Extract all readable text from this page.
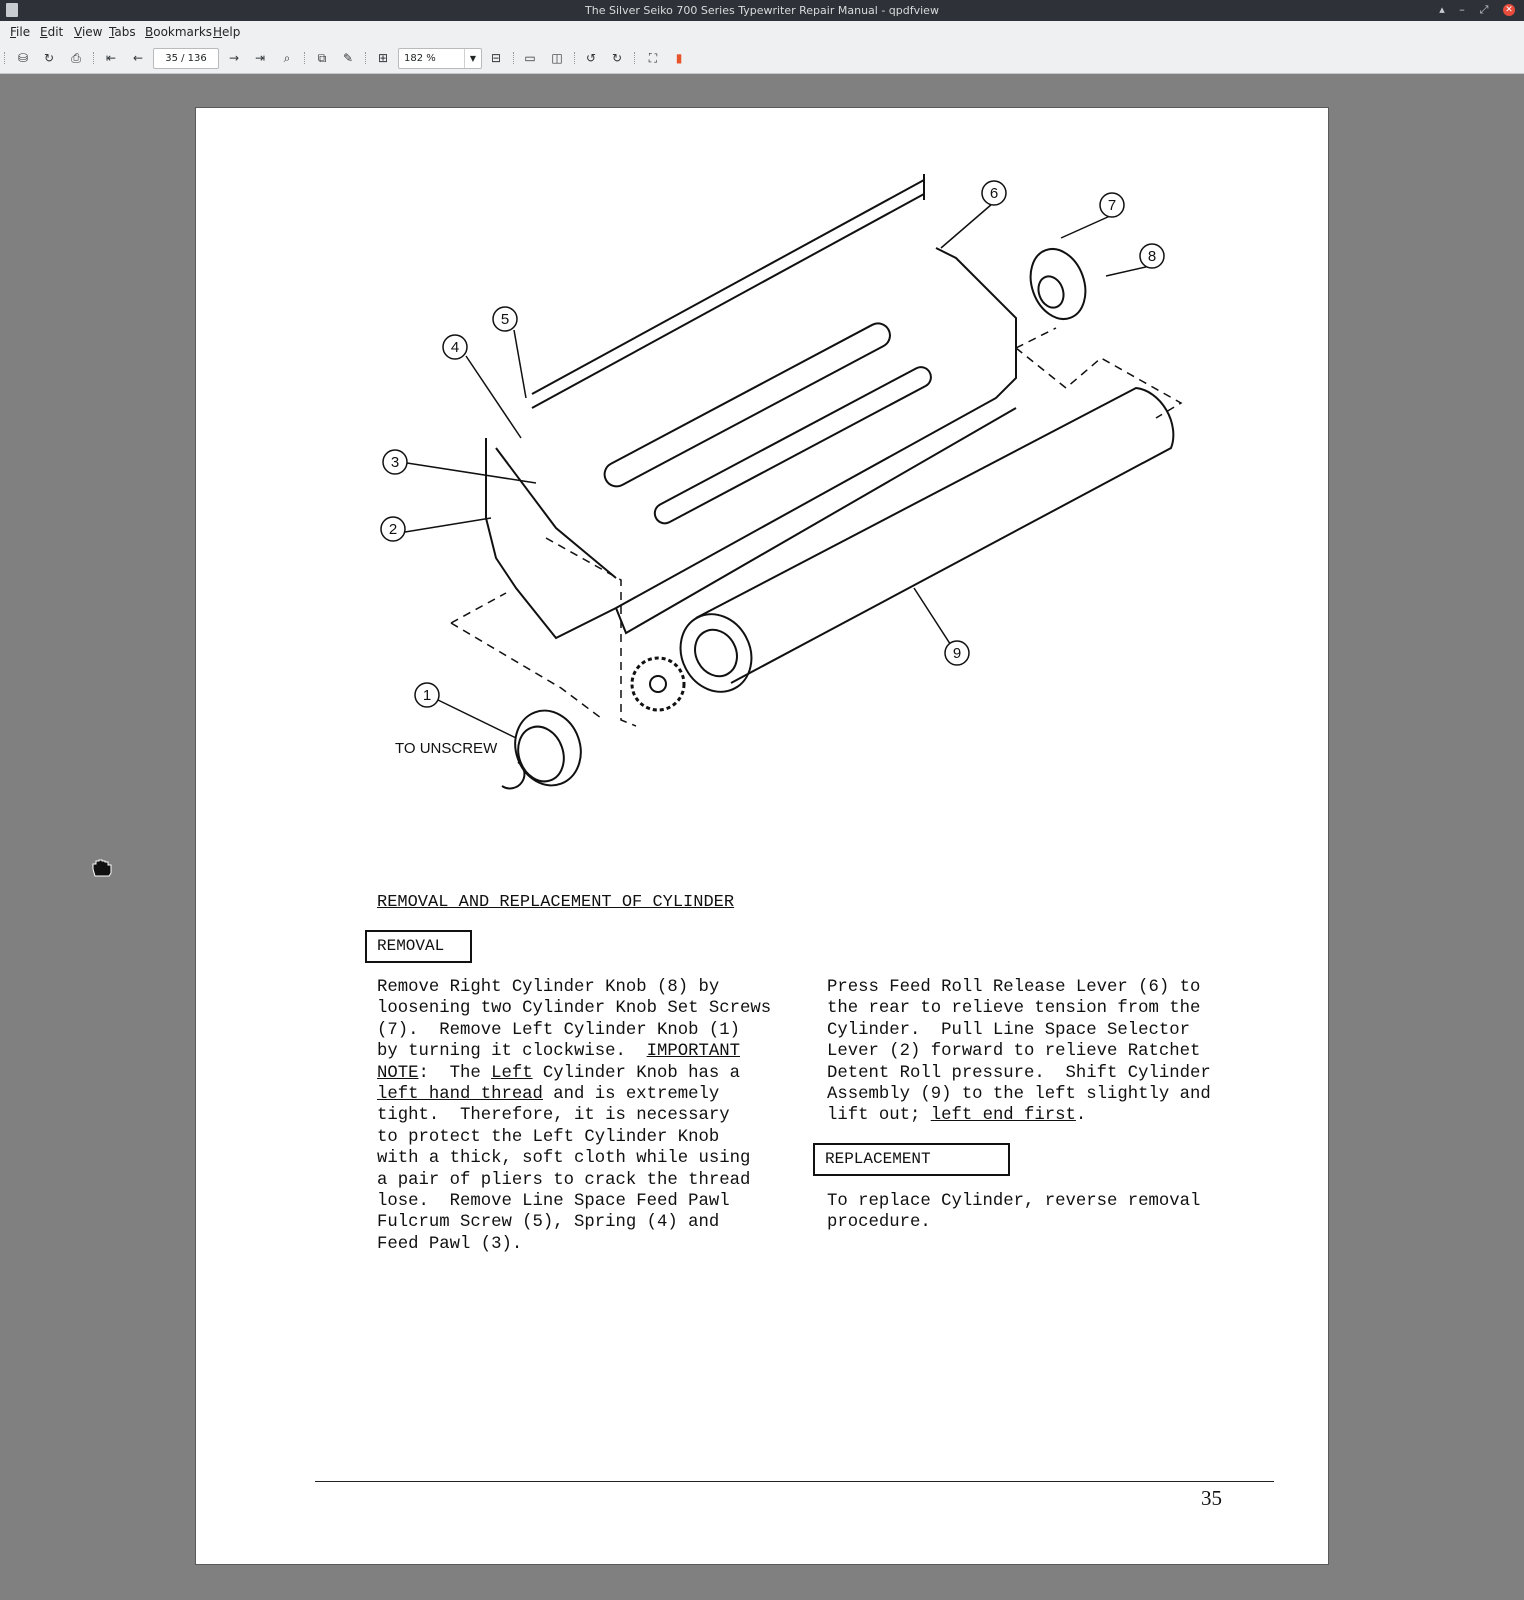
The Silver Seiko 700 Series Typewriter Repair Manual - qpdfview	▴	–	⤢	✕
File Edit View Tabs Bookmarks Help
⛁	↻	⎙	⇤	←	35 / 136	→	⇥	⌕	⧉	✎	⊞	182 %	▼	⊟	▭ ◫	↺	↻	⛶	▮
1
2
3
4
5
6
7
8
9
TO UNSCREW
REMOVAL AND REPLACEMENT OF CYLINDER
REMOVAL
Remove Right Cylinder Knob (8) by
loosening two Cylinder Knob Set Screws
(7).  Remove Left Cylinder Knob (1)
by turning it clockwise.  IMPORTANT
NOTE:  The Left Cylinder Knob has a
left hand thread and is extremely
tight.  Therefore, it is necessary
to protect the Left Cylinder Knob
with a thick, soft cloth while using
a pair of pliers to crack the thread
lose.  Remove Line Space Feed Pawl
Fulcrum Screw (5), Spring (4) and
Feed Pawl (3).
Press Feed Roll Release Lever (6) to
the rear to relieve tension from the
Cylinder.  Pull Line Space Selector
Lever (2) forward to relieve Ratchet
Detent Roll pressure.  Shift Cylinder
Assembly (9) to the left slightly and
lift out; left end first.
REPLACEMENT
To replace Cylinder, reverse removal
procedure.
35
